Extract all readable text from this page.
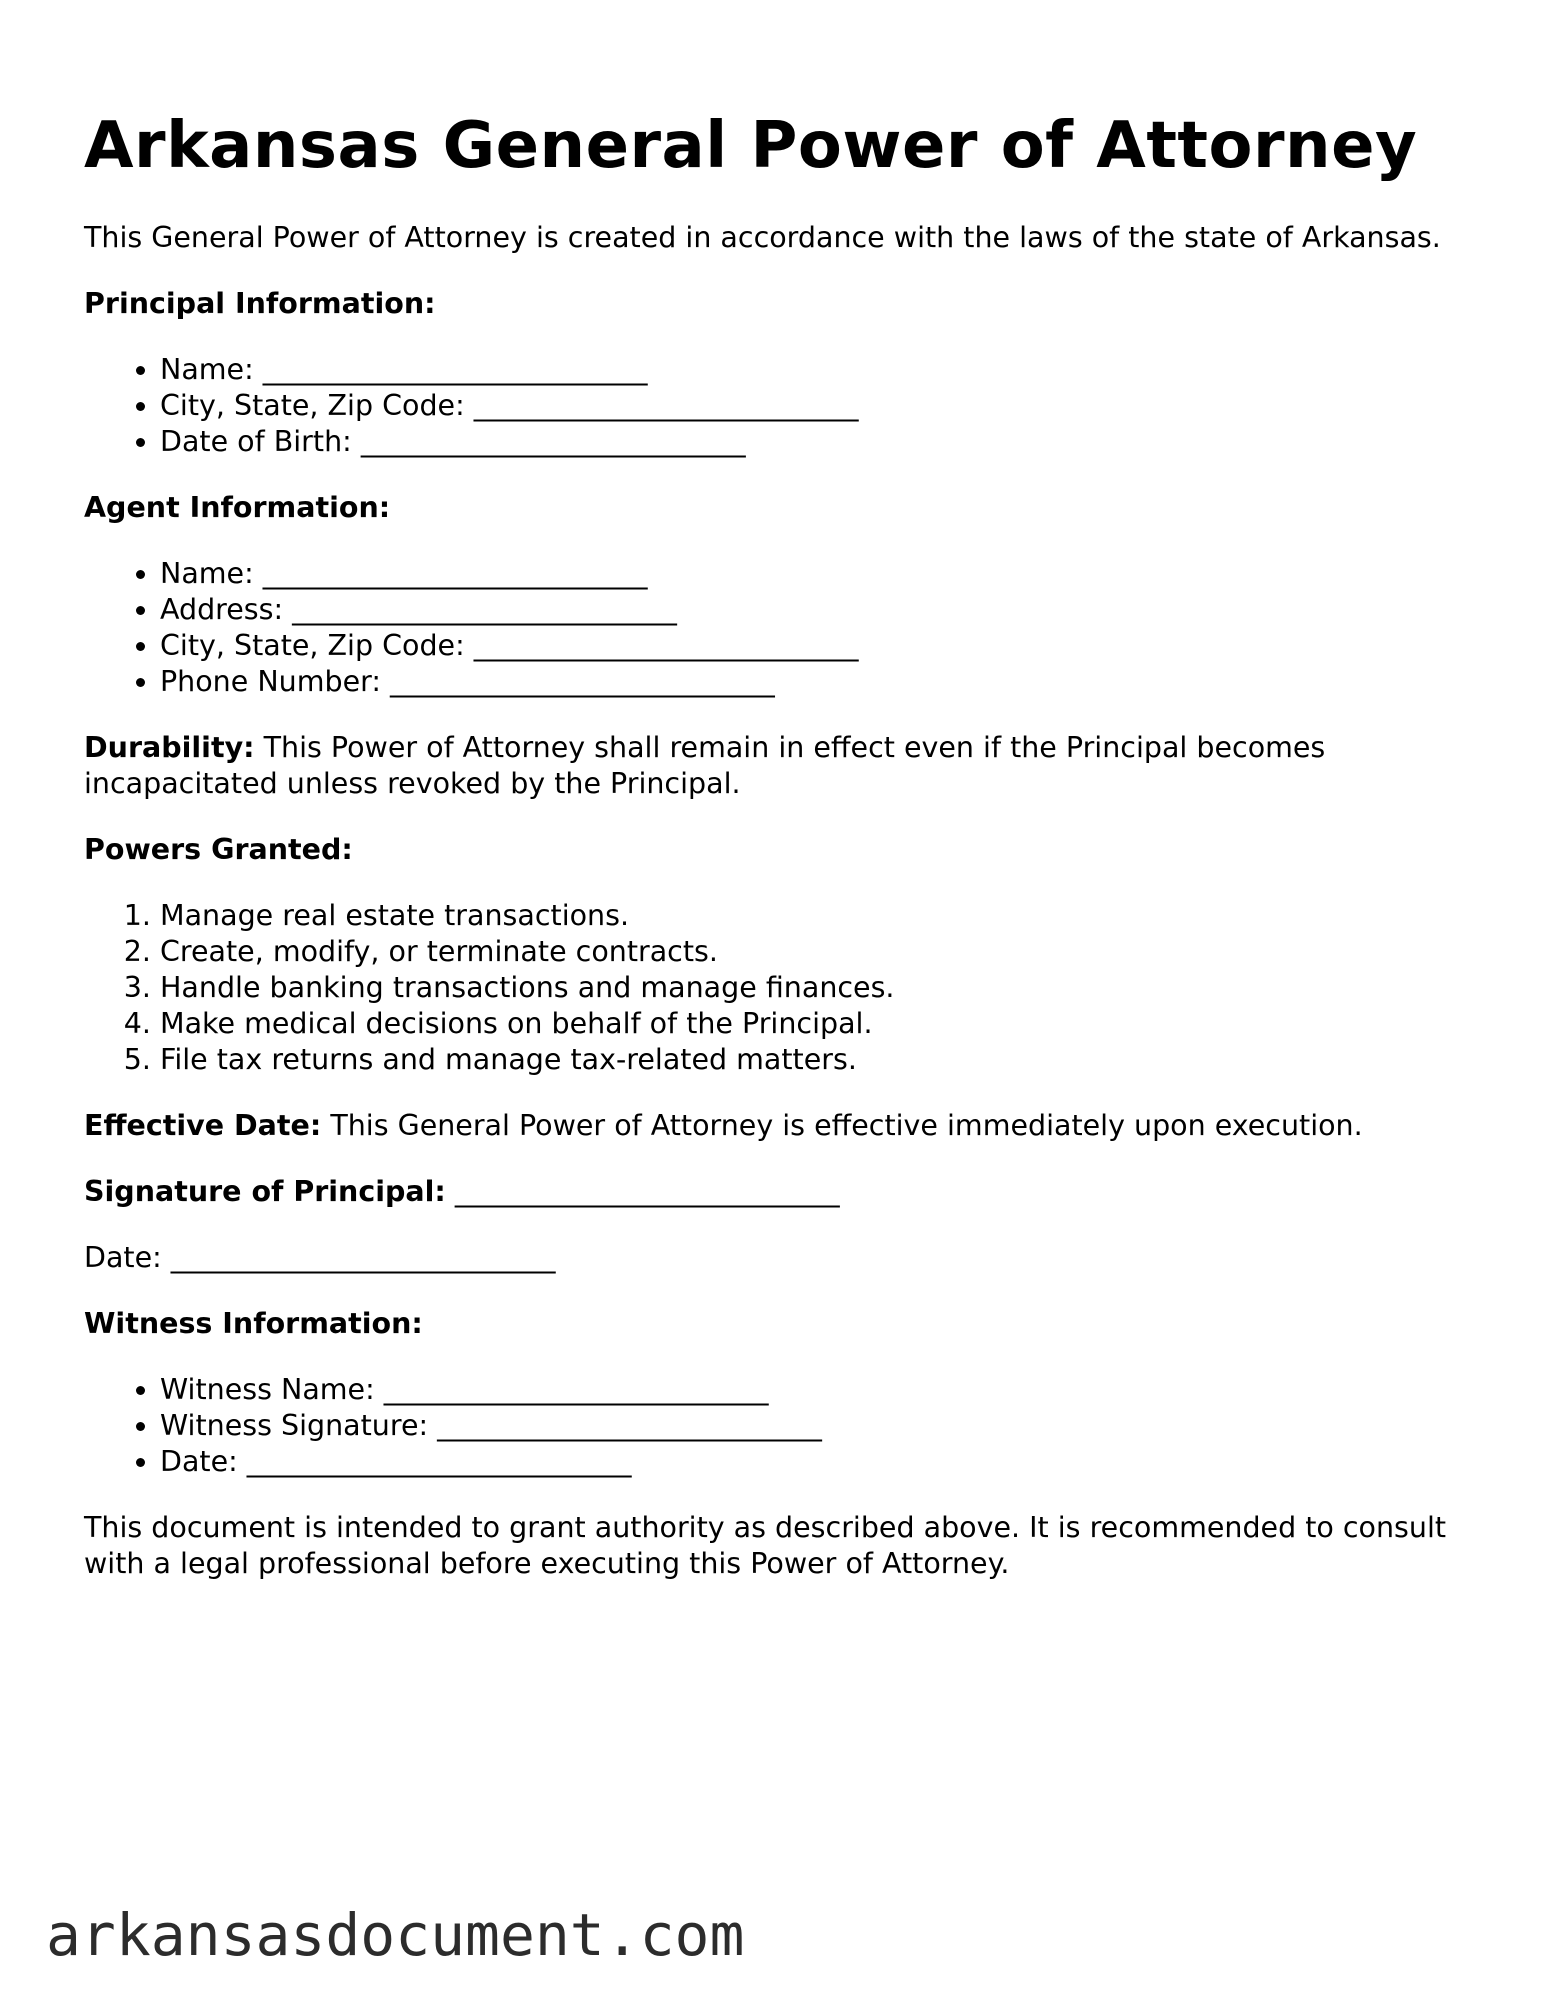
Arkansas General Power of Attorney

This General Power of Attorney is created in accordance with the laws of the state of Arkansas.

Principal Information:

• Name: ___________________________
• City, State, Zip Code: ___________________________
• Date of Birth: ___________________________

Agent Information:

• Name: ___________________________
• Address: ___________________________
• City, State, Zip Code: ___________________________
• Phone Number: ___________________________

Durability: This Power of Attorney shall remain in effect even if the Principal becomes incapacitated unless revoked by the Principal.

Powers Granted:

1. Manage real estate transactions.
2. Create, modify, or terminate contracts.
3. Handle banking transactions and manage finances.
4. Make medical decisions on behalf of the Principal.
5. File tax returns and manage tax-related matters.

Effective Date: This General Power of Attorney is effective immediately upon execution.

Signature of Principal: ___________________________

Date: ___________________________

Witness Information:

• Witness Name: ___________________________
• Witness Signature: ___________________________
• Date: ___________________________

This document is intended to grant authority as described above. It is recommended to consult with a legal professional before executing this Power of Attorney.

arkansasdocument.com
